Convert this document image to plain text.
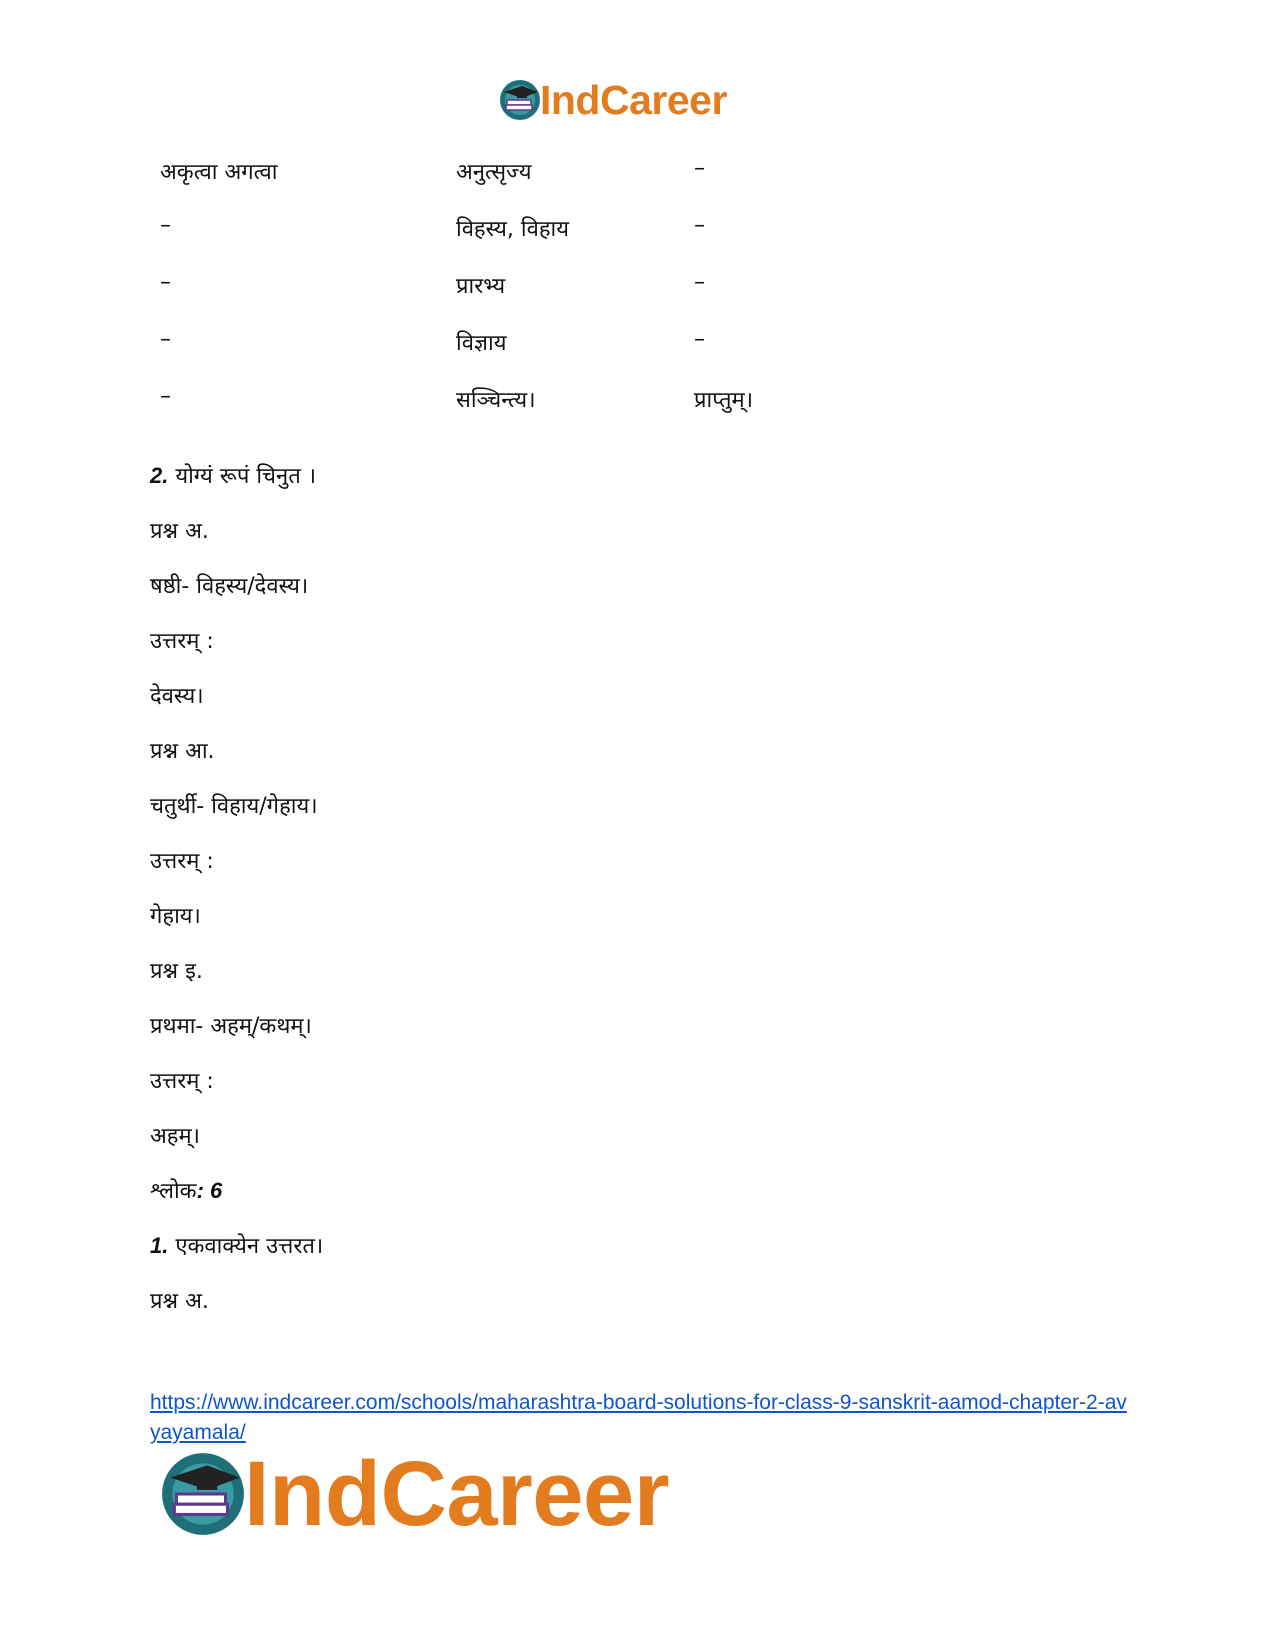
IndCareer
अकृत्वा अगत्वा	अनुत्सृज्य	–
–	विहस्य, विहाय	–
–	प्रारभ्य	–
–	विज्ञाय	–
–	सञ्चिन्त्य।	प्राप्तुम्।
2. योग्यं रूपं चिनुत ।
प्रश्न अ.
षष्ठी- विहस्य/देवस्य।
उत्तरम् :
देवस्य।
प्रश्न आ.
चतुर्थी- विहाय/गेहाय।
उत्तरम् :
गेहाय।
प्रश्न इ.
प्रथमा- अहम्/कथम्।
उत्तरम् :
अहम्।
श्लोक: 6
1. एकवाक्येन उत्तरत।
प्रश्न अ.
https://www.indcareer.com/schools/maharashtra-board-solutions-for-class-9-sanskrit-aamod-chapter-2-avyayamala/
IndCareer
